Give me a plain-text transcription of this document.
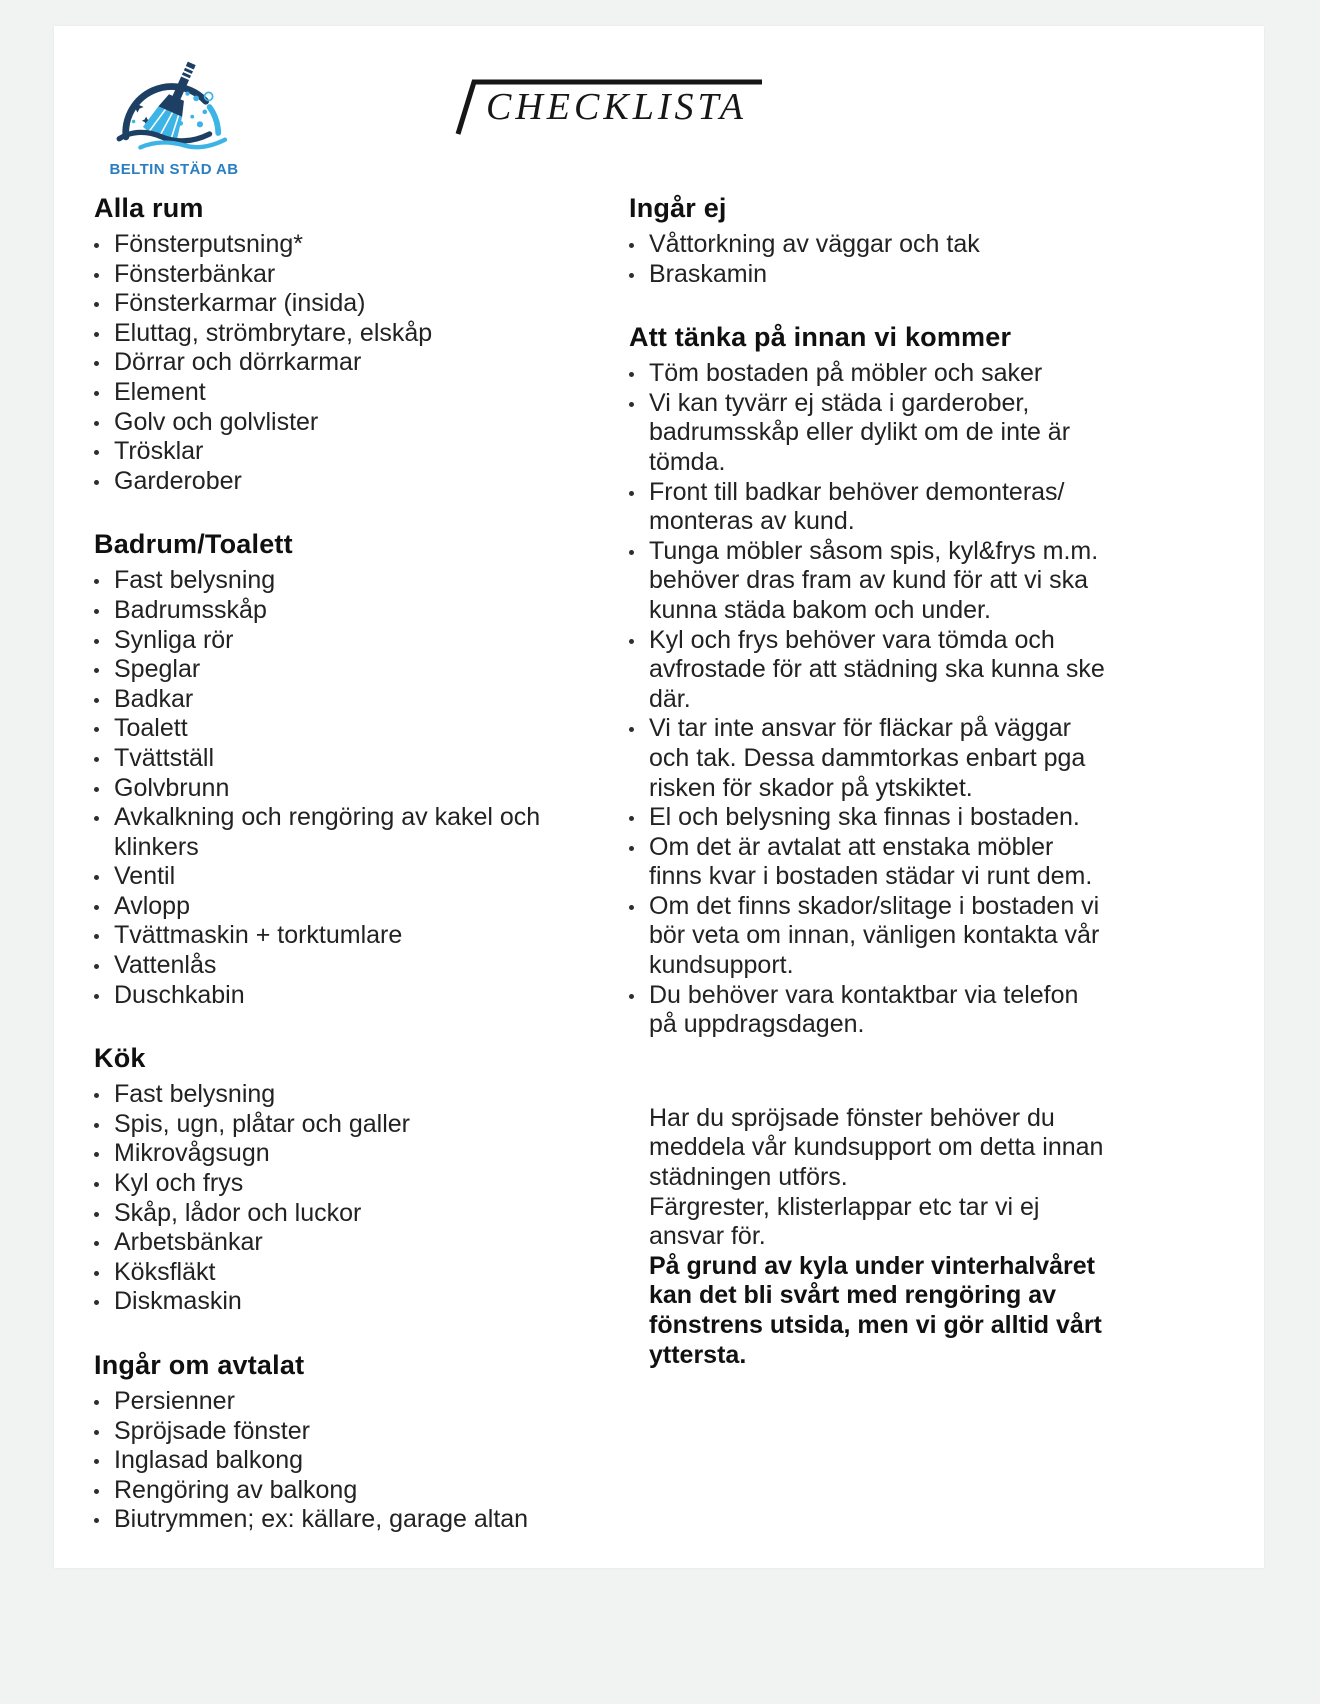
BELTIN STÄD AB
CHECKLISTA
Alla rum
Fönsterputsning*
Fönsterbänkar
Fönsterkarmar (insida)
Eluttag, strömbrytare, elskåp
Dörrar och dörrkarmar
Element
Golv och golvlister
Trösklar
Garderober
Badrum/Toalett
Fast belysning
Badrumsskåp
Synliga rör
Speglar
Badkar
Toalett
Tvättställ
Golvbrunn
Avkalkning och rengöring av kakel och klinkers
Ventil
Avlopp
Tvättmaskin + torktumlare
Vattenlås
Duschkabin
Kök
Fast belysning
Spis, ugn, plåtar och galler
Mikrovågsugn
Kyl och frys
Skåp, lådor och luckor
Arbetsbänkar
Köksfläkt
Diskmaskin
Ingår om avtalat
Persienner
Spröjsade fönster
Inglasad balkong
Rengöring av balkong
Biutrymmen; ex: källare, garage altan
Ingår ej
Våttorkning av väggar och tak
Braskamin
Att tänka på innan vi kommer
Töm bostaden på möbler och saker
Vi kan tyvärr ej städa i garderober, badrumsskåp eller dylikt om de inte är tömda.
Front till badkar behöver demonteras/ monteras av kund.
Tunga möbler såsom spis, kyl&frys m.m. behöver dras fram av kund för att vi ska kunna städa bakom och under.
Kyl och frys behöver vara tömda och avfrostade för att städning ska kunna ske där.
Vi tar inte ansvar för fläckar på väggar och tak. Dessa dammtorkas enbart pga risken för skador på ytskiktet.
El och belysning ska finnas i bostaden.
Om det är avtalat att enstaka möbler finns kvar i bostaden städar vi runt dem.
Om det finns skador/slitage i bostaden vi bör veta om innan, vänligen kontakta vår kundsupport.
Du behöver vara kontaktbar via telefon på uppdragsdagen.

Har du spröjsade fönster behöver du meddela vår kundsupport om detta innan städningen utförs.

Färgrester, klisterlappar etc tar vi ej ansvar för.

På grund av kyla under vinterhalvåret kan det bli svårt med rengöring av fönstrens utsida, men vi gör alltid vårt yttersta.
